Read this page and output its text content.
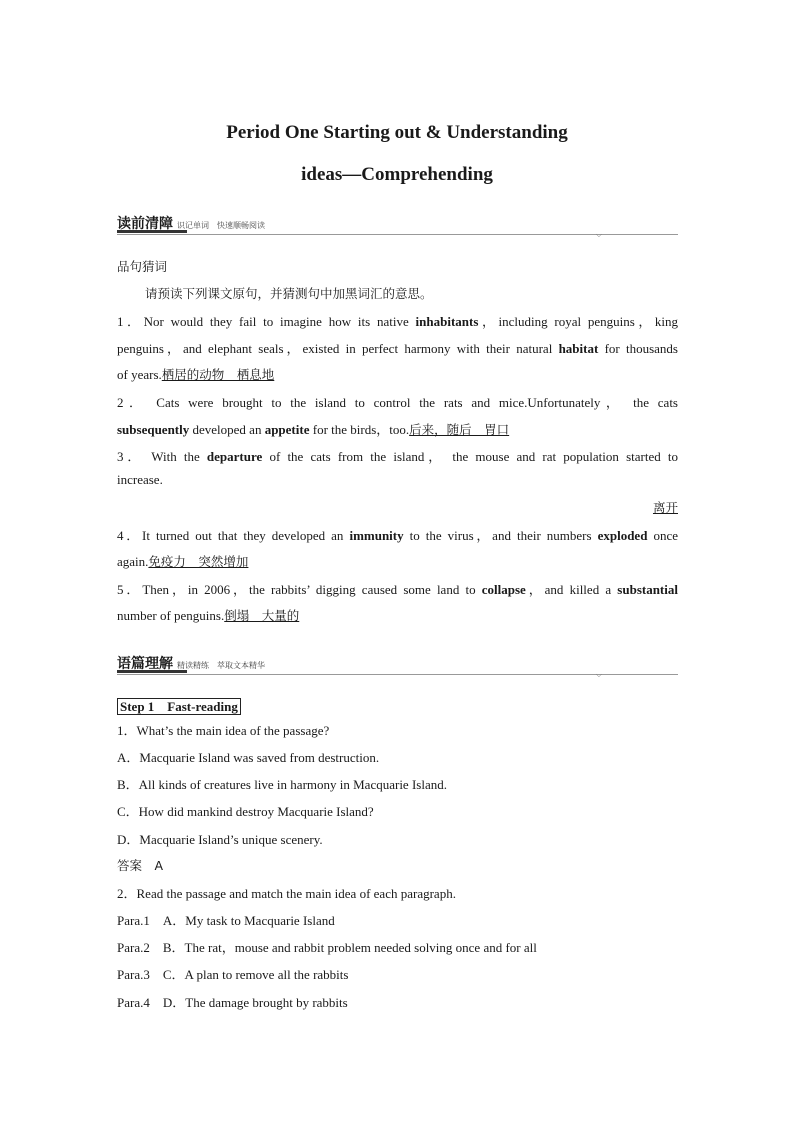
Period One Starting out & Understanding
ideas—Comprehending
读前清障 识记单词　快速顺畅阅读
⌵
品句猜词
请预读下列课文原句，并猜测句中加黑词汇的意思。
1．Nor would they fail to imagine how its native inhabitants，including royal penguins，king
penguins，and elephant seals，existed in perfect harmony with their natural habitat for thousands
of years.栖居的动物　栖息地
2． Cats were brought to the island to control the rats and mice.Unfortunately， the cats
subsequently developed an appetite for the birds，too.后来，随后　胃口
3． With the departure of the cats from the island， the mouse and rat population started to
increase.
离开
4．It turned out that they developed an immunity to the virus，and their numbers exploded once
again.免疫力　突然增加
5．Then，in 2006，the rabbits’ digging caused some land to collapse，and killed a substantial
number of penguins.倒塌　大量的
语篇理解 精读精练　萃取文本精华
⌵
Step 1　Fast-reading
1．What’s the main idea of the passage?
A．Macquarie Island was saved from destruction.
B．All kinds of creatures live in harmony in Macquarie Island.
C．How did mankind destroy Macquarie Island?
D．Macquarie Island’s unique scenery.
答案　A
2．Read the passage and match the main idea of each paragraph.
Para.1　 A．My task to Macquarie Island
Para.2　 B．The rat，mouse and rabbit problem needed solving once and for all
Para.3　 C．A plan to remove all the rabbits
Para.4　 D．The damage brought by rabbits
